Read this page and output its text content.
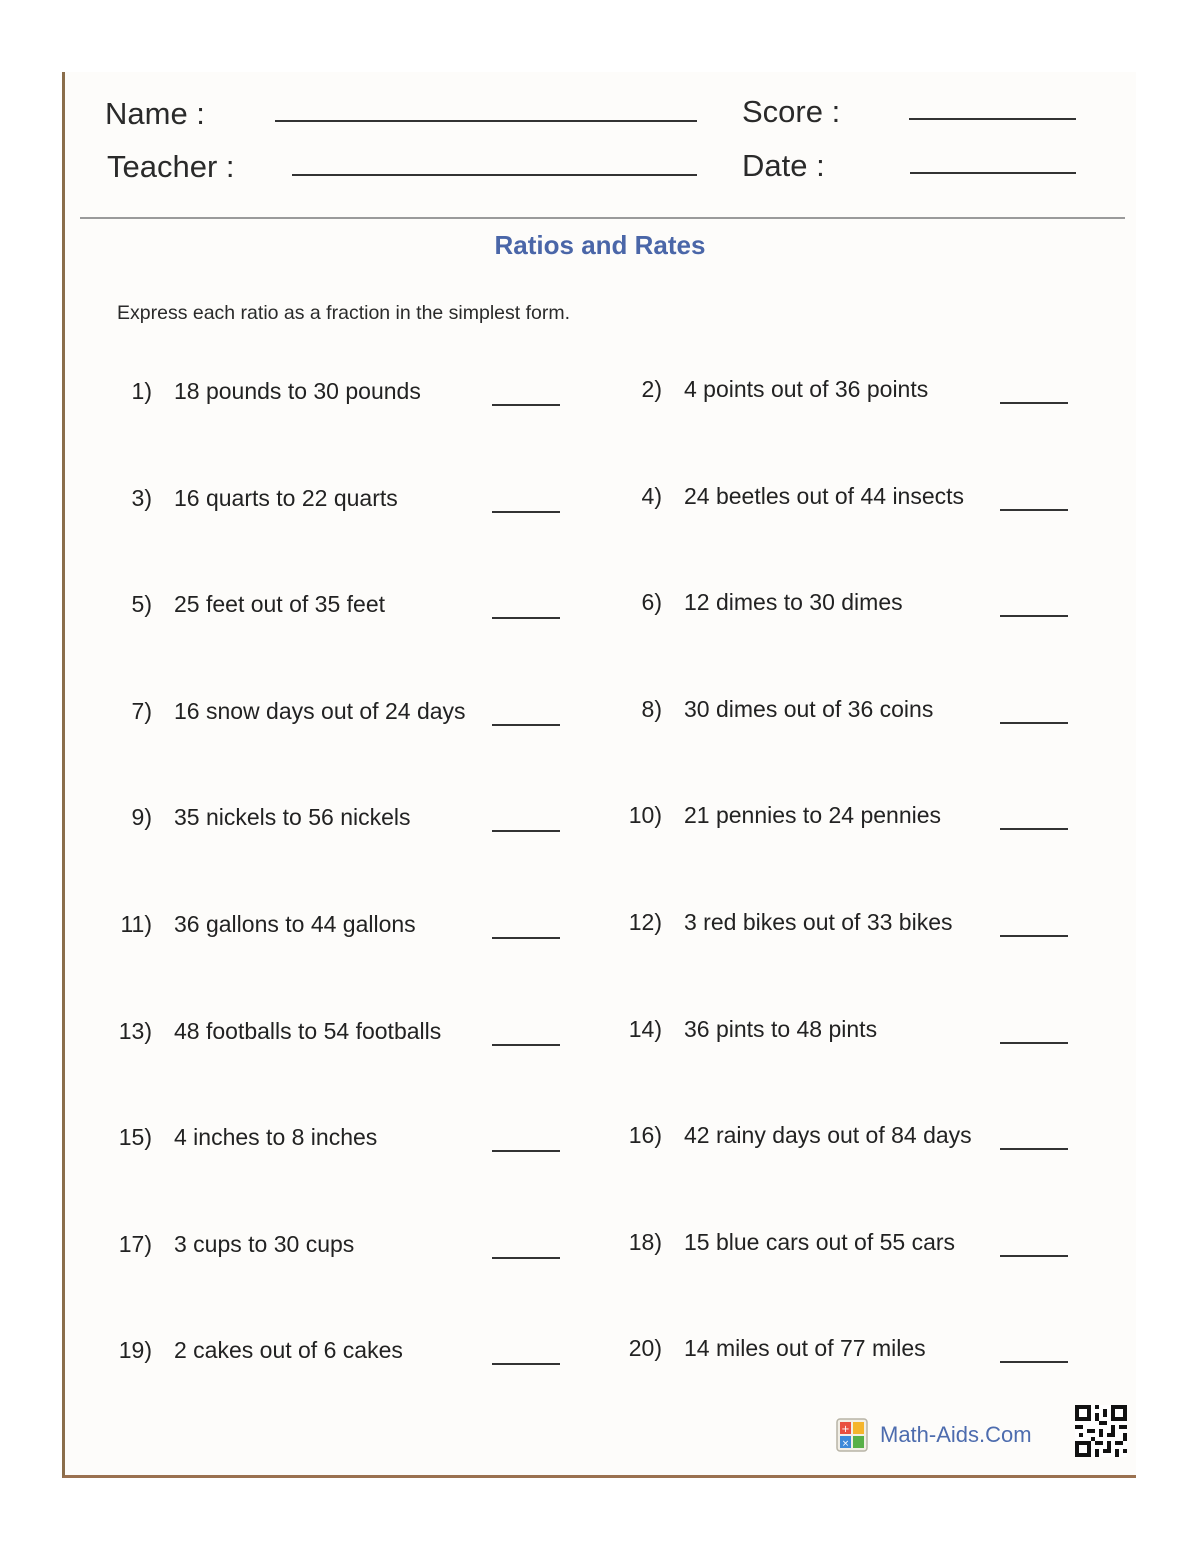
Name :
Teacher :
Score :
Date :
Ratios and Rates
Express each ratio as a fraction in the simplest form.
1) 18 pounds to 30 pounds	2) 4 points out of 36 points
3) 16 quarts to 22 quarts	4) 24 beetles out of 44 insects
5) 25 feet out of 35 feet	6) 12 dimes to 30 dimes
7) 16 snow days out of 24 days	8) 30 dimes out of 36 coins
9) 35 nickels to 56 nickels	10) 21 pennies to 24 pennies
11) 36 gallons to 44 gallons	12) 3 red bikes out of 33 bikes
13) 48 footballs to 54 footballs	14) 36 pints to 48 pints
15) 4 inches to 8 inches	16) 42 rainy days out of 84 days
17) 3 cups to 30 cups	18) 15 blue cars out of 55 cars
19) 2 cakes out of 6 cakes	20) 14 miles out of 77 miles
+
× Math-Aids.Com
